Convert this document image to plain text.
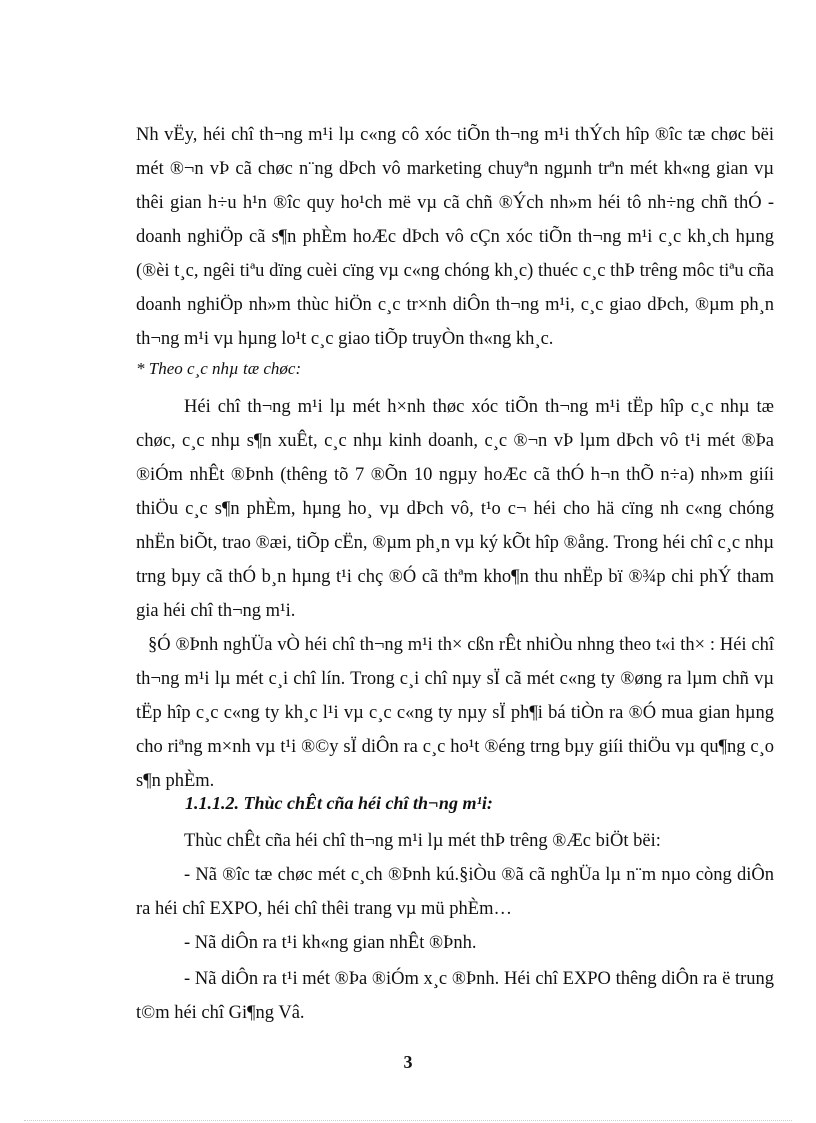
Nh vËy, héi chî th¬ng m¹i lµ c«ng cô xóc tiÕn th¬ng m¹i thÝch hîp ®îc tæ chøc bëi mét ®¬n vÞ cã chøc n¨ng dÞch vô marketing chuyªn ngµnh trªn mét kh«ng gian vµ thêi gian h÷u h¹n ®îc quy ho¹ch më vµ cã chñ ®Ých nh»m héi tô nh÷ng chñ thÓ - doanh nghiÖp cã s¶n phÈm hoÆc dÞch vô cÇn xóc tiÕn th¬ng m¹i c¸c kh¸ch hµng (®èi t¸c, ngêi tiªu dïng cuèi cïng vµ c«ng chóng kh¸c) thuéc c¸c thÞ trêng môc tiªu cña doanh nghiÖp nh»m thùc hiÖn c¸c tr×nh diÔn th¬ng m¹i, c¸c giao dÞch, ®µm ph¸n th¬ng m¹i vµ hµng lo¹t c¸c giao tiÕp truyÒn th«ng kh¸c.

* Theo c¸c nhµ tæ chøc:

Héi chî th¬ng m¹i lµ mét h×nh thøc xóc tiÕn th¬ng m¹i tËp hîp c¸c nhµ tæ chøc, c¸c nhµ s¶n xuÊt, c¸c nhµ kinh doanh, c¸c ®¬n vÞ lµm dÞch vô t¹i mét ®Þa ®iÓm nhÊt ®Þnh (thêng tõ 7 ®Õn 10 ngµy hoÆc cã thÓ h¬n thÕ n÷a) nh»m giíi thiÖu c¸c s¶n phÈm, hµng ho¸ vµ dÞch vô, t¹o c¬ héi cho hä cïng nh c«ng chóng nhËn biÕt, trao ®æi, tiÕp cËn, ®µm ph¸n vµ ký kÕt hîp ®ång. Trong héi chî c¸c nhµ trng bµy cã thÓ b¸n hµng t¹i chç ®Ó cã thªm kho¶n thu nhËp bï ®¾p chi phÝ tham gia héi chî th¬ng m¹i.

§Ó ®Þnh nghÜa vÒ héi chî th¬ng m¹i th× cßn rÊt nhiÒu nhng theo t«i th× : Héi chî th¬ng m¹i lµ mét c¸i chî lín. Trong c¸i chî nµy sÏ cã mét c«ng ty ®øng ra lµm chñ vµ tËp hîp c¸c c«ng ty kh¸c l¹i vµ c¸c c«ng ty nµy sÏ ph¶i bá tiÒn ra ®Ó mua gian hµng cho riªng m×nh vµ t¹i ®©y sÏ diÔn ra c¸c ho¹t ®éng trng bµy giíi thiÖu vµ qu¶ng c¸o s¶n phÈm.

1.1.1.2. Thùc chÊt cña héi chî th¬ng m¹i:

Thùc chÊt cña héi chî th¬ng m¹i lµ mét thÞ trêng ®Æc biÖt bëi:

- Nã ®îc tæ chøc mét c¸ch ®Þnh kú.§iÒu ®ã cã nghÜa lµ n¨m nµo còng diÔn ra héi chî EXPO, héi chî thêi trang vµ mü phÈm…

- Nã diÔn ra t¹i kh«ng gian nhÊt ®Þnh.

- Nã diÔn ra t¹i mét ®Þa ®iÓm x¸c ®Þnh. Héi chî EXPO thêng diÔn ra ë trung t©m héi chî Gi¶ng Vâ.

3
